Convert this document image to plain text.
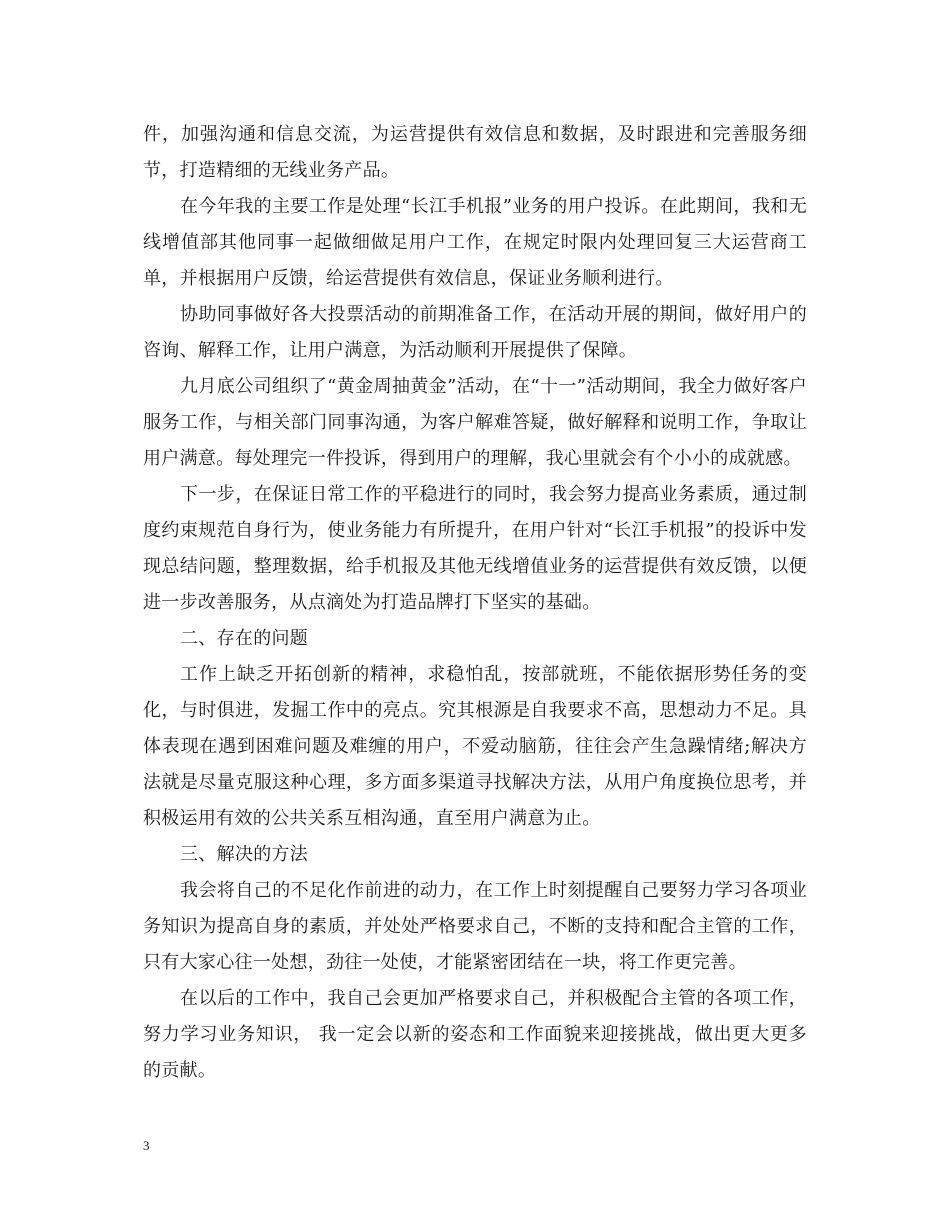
件，加强沟通和信息交流，为运营提供有效信息和数据，及时跟进和完善服务细节，打造精细的无线业务产品。

在今年我的主要工作是处理“长江手机报”业务的用户投诉。在此期间，我和无线增值部其他同事一起做细做足用户工作，在规定时限内处理回复三大运营商工单，并根据用户反馈，给运营提供有效信息，保证业务顺利进行。

协助同事做好各大投票活动的前期准备工作，在活动开展的期间，做好用户的咨询、解释工作，让用户满意，为活动顺利开展提供了保障。

九月底公司组织了“黄金周抽黄金”活动，在“十一”活动期间，我全力做好客户服务工作，与相关部门同事沟通，为客户解难答疑，做好解释和说明工作，争取让用户满意。每处理完一件投诉，得到用户的理解，我心里就会有个小小的成就感。

下一步，在保证日常工作的平稳进行的同时，我会努力提高业务素质，通过制度约束规范自身行为，使业务能力有所提升，在用户针对“长江手机报”的投诉中发现总结问题，整理数据，给手机报及其他无线增值业务的运营提供有效反馈，以便进一步改善服务，从点滴处为打造品牌打下坚实的基础。

二、存在的问题

工作上缺乏开拓创新的精神，求稳怕乱，按部就班，不能依据形势任务的变化，与时俱进，发掘工作中的亮点。究其根源是自我要求不高，思想动力不足。具体表现在遇到困难问题及难缠的用户，不爱动脑筋，往往会产生急躁情绪;解决方法就是尽量克服这种心理，多方面多渠道寻找解决方法，从用户角度换位思考，并积极运用有效的公共关系互相沟通，直至用户满意为止。

三、解决的方法

我会将自己的不足化作前进的动力，在工作上时刻提醒自己要努力学习各项业务知识为提高自身的素质，并处处严格要求自己，不断的支持和配合主管的工作，只有大家心往一处想，劲往一处使，才能紧密团结在一块，将工作更完善。

在以后的工作中，我自己会更加严格要求自己，并积极配合主管的各项工作，努力学习业务知识， 我一定会以新的姿态和工作面貌来迎接挑战，做出更大更多的贡献。

3
